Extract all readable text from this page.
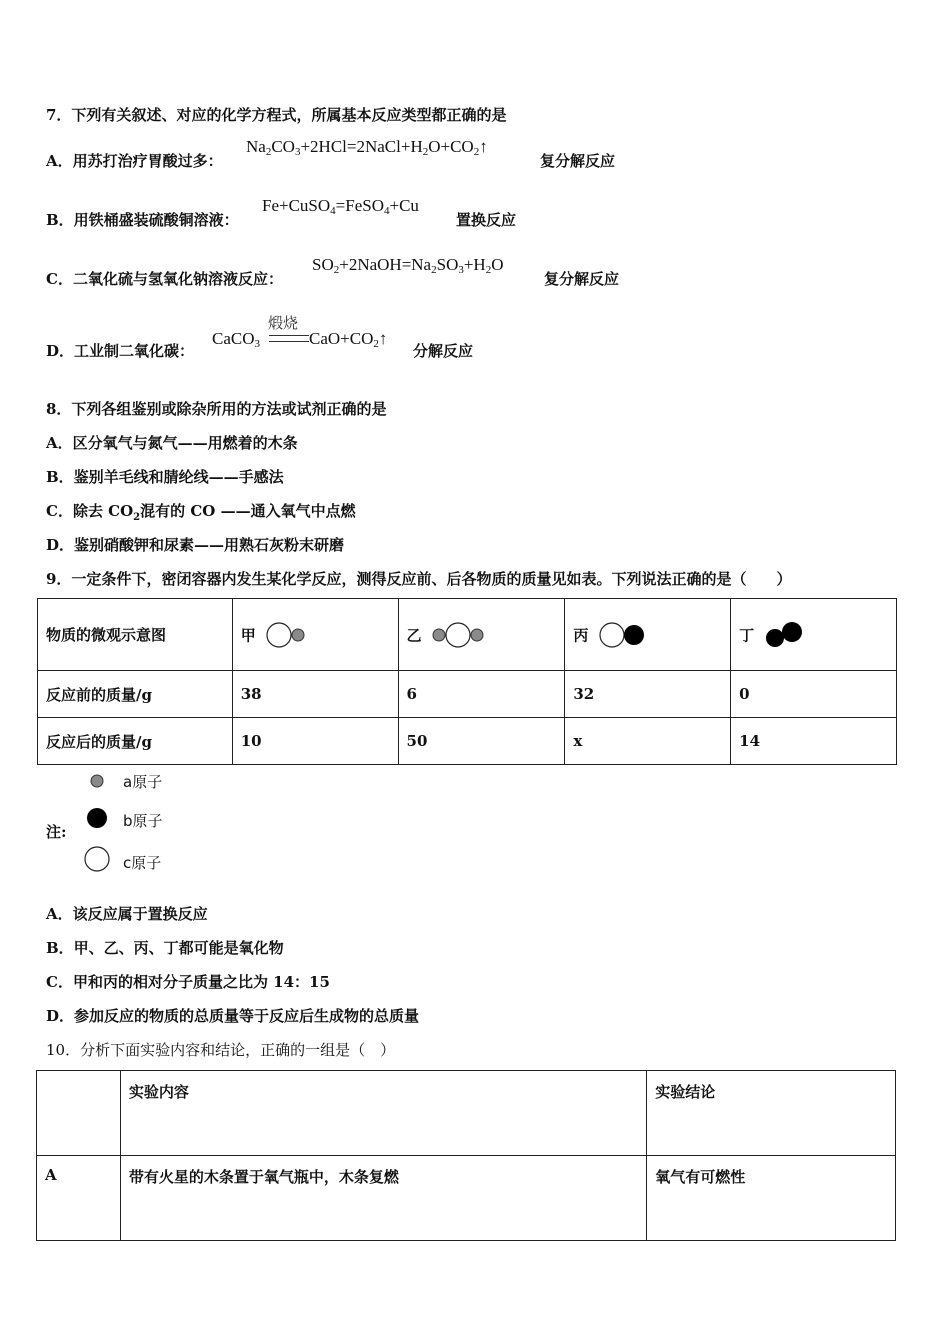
7．下列有关叙述、对应的化学方程式，所属基本反应类型都正确的是
A．用苏打治疗胃酸过多：
$Na_2CO_3+2HCl=2NaCl+H_2O+CO_2↑$
复分解反应
B．用铁桶盛装硫酸铜溶液：
Fe+CuSO$_4$=FeSO$_4$+Cu
置换反应
C．二氧化硫与氢氧化钠溶液反应：
$SO_2+2NaOH=Na_2SO_3+H_2O$
复分解反应
D．工业制二氧化碳：
CaCO$_3$
煅烧
$CaO+CO_2↑$
分解反应
8．下列各组鉴别或除杂所用的方法或试剂正确的是
A．区分氧气与氮气——用燃着的木条
B．鉴别羊毛线和腈纶线——手感法
C．除去 $CO_2$混有的 CO ——通入氧气中点燃
D．鉴别硝酸钾和尿素——用熟石灰粉末研磨
9．一定条件下，密闭容器内发生某化学反应，测得反应前、后各物质的质量见如表。下列说法正确的是（　　）
物质的微观示意图	甲	乙	丙	丁
反应前的质量/g	38	6	32	0
反应后的质量/g	10	50	x	14
注:
a原子
b原子
c原子
A．该反应属于置换反应
B．甲、乙、丙、丁都可能是氧化物
C．甲和丙的相对分子质量之比为 14：15
D．参加反应的物质的总质量等于反应后生成物的总质量
10．分析下面实验内容和结论，正确的一组是（　）
	实验内容	实验结论
A	带有火星的木条置于氧气瓶中，木条复燃	氧气有可燃性
